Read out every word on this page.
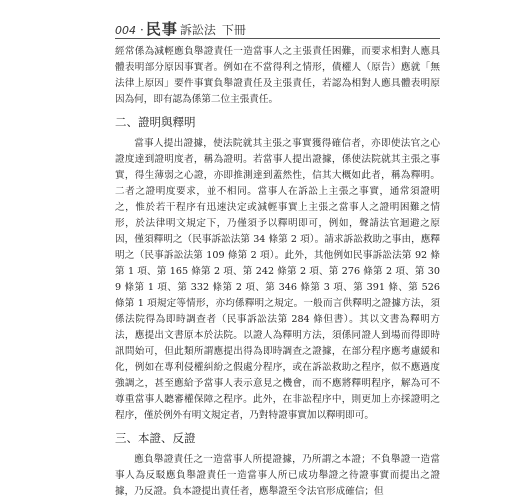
004 · 民事 訴訟法 下冊

經常係為減輕應負舉證責任一造當事人之主張責任困難，而要求相對人應具體表明部分原因事實者。例如在不當得利之情形，債權人（原告）應就「無法律上原因」要件事實負舉證責任及主張責任，若認為相對人應具體表明原因為何，即有認為係第二位主張責任。

二、證明與釋明

當事人提出證據，使法院就其主張之事實獲得確信者，亦即使法官之心證度達到證明度者，稱為證明。若當事人提出證據，係使法院就其主張之事實，得生薄弱之心證，亦即推測達到蓋然性，信其大概如此者，稱為釋明。二者之證明度要求，並不相同。當事人在訴訟上主張之事實，通常須證明之，惟於若干程序有迅速決定或減輕事實上主張之當事人之證明困難之情形，於法律明文規定下，乃僅須予以釋明即可，例如，聲請法官迴避之原因，僅須釋明之（民事訴訟法第 34 條第 2 項）。請求訴訟救助之事由，應釋明之（民事訴訟法第 109 條第 2 項）。此外，其他例如民事訴訟法第 92 條第 1 項、第 165 條第 2 項、第 242 條第 2 項、第 276 條第 2 項、第 309 條第 1 項、第 332 條第 2 項、第 346 條第 3 項、第 391 條、第 526 條第 1 項規定等情形，亦均係釋明之規定。一般而言供釋明之證據方法，須係法院得為即時調查者（民事訴訟法第 284 條但書）。其以文書為釋明方法，應提出文書原本於法院。以證人為釋明方法，須係同證人到場而得即時訊問始可，但此類所謂應提出得為即時調查之證據，在部分程序應考慮緩和化，例如在專利侵權糾紛之假處分程序，或在訴訟救助之程序，似不應過度強調之，甚至應給予當事人表示意見之機會，而不應將釋明程序，解為可不尊重當事人聽審權保障之程序。此外，在非訟程序中，則更加上亦採證明之程序，僅於例外有明文規定者，乃對特證事實加以釋明即可。

三、本證、反證

應負舉證責任之一造當事人所提證據，乃所謂之本證；不負舉證一造當事人為反駁應負舉證責任一造當事人所已成功舉證之待證事實而提出之證據，乃反證。負本證提出責任者，應舉證至令法官形成確信；但
